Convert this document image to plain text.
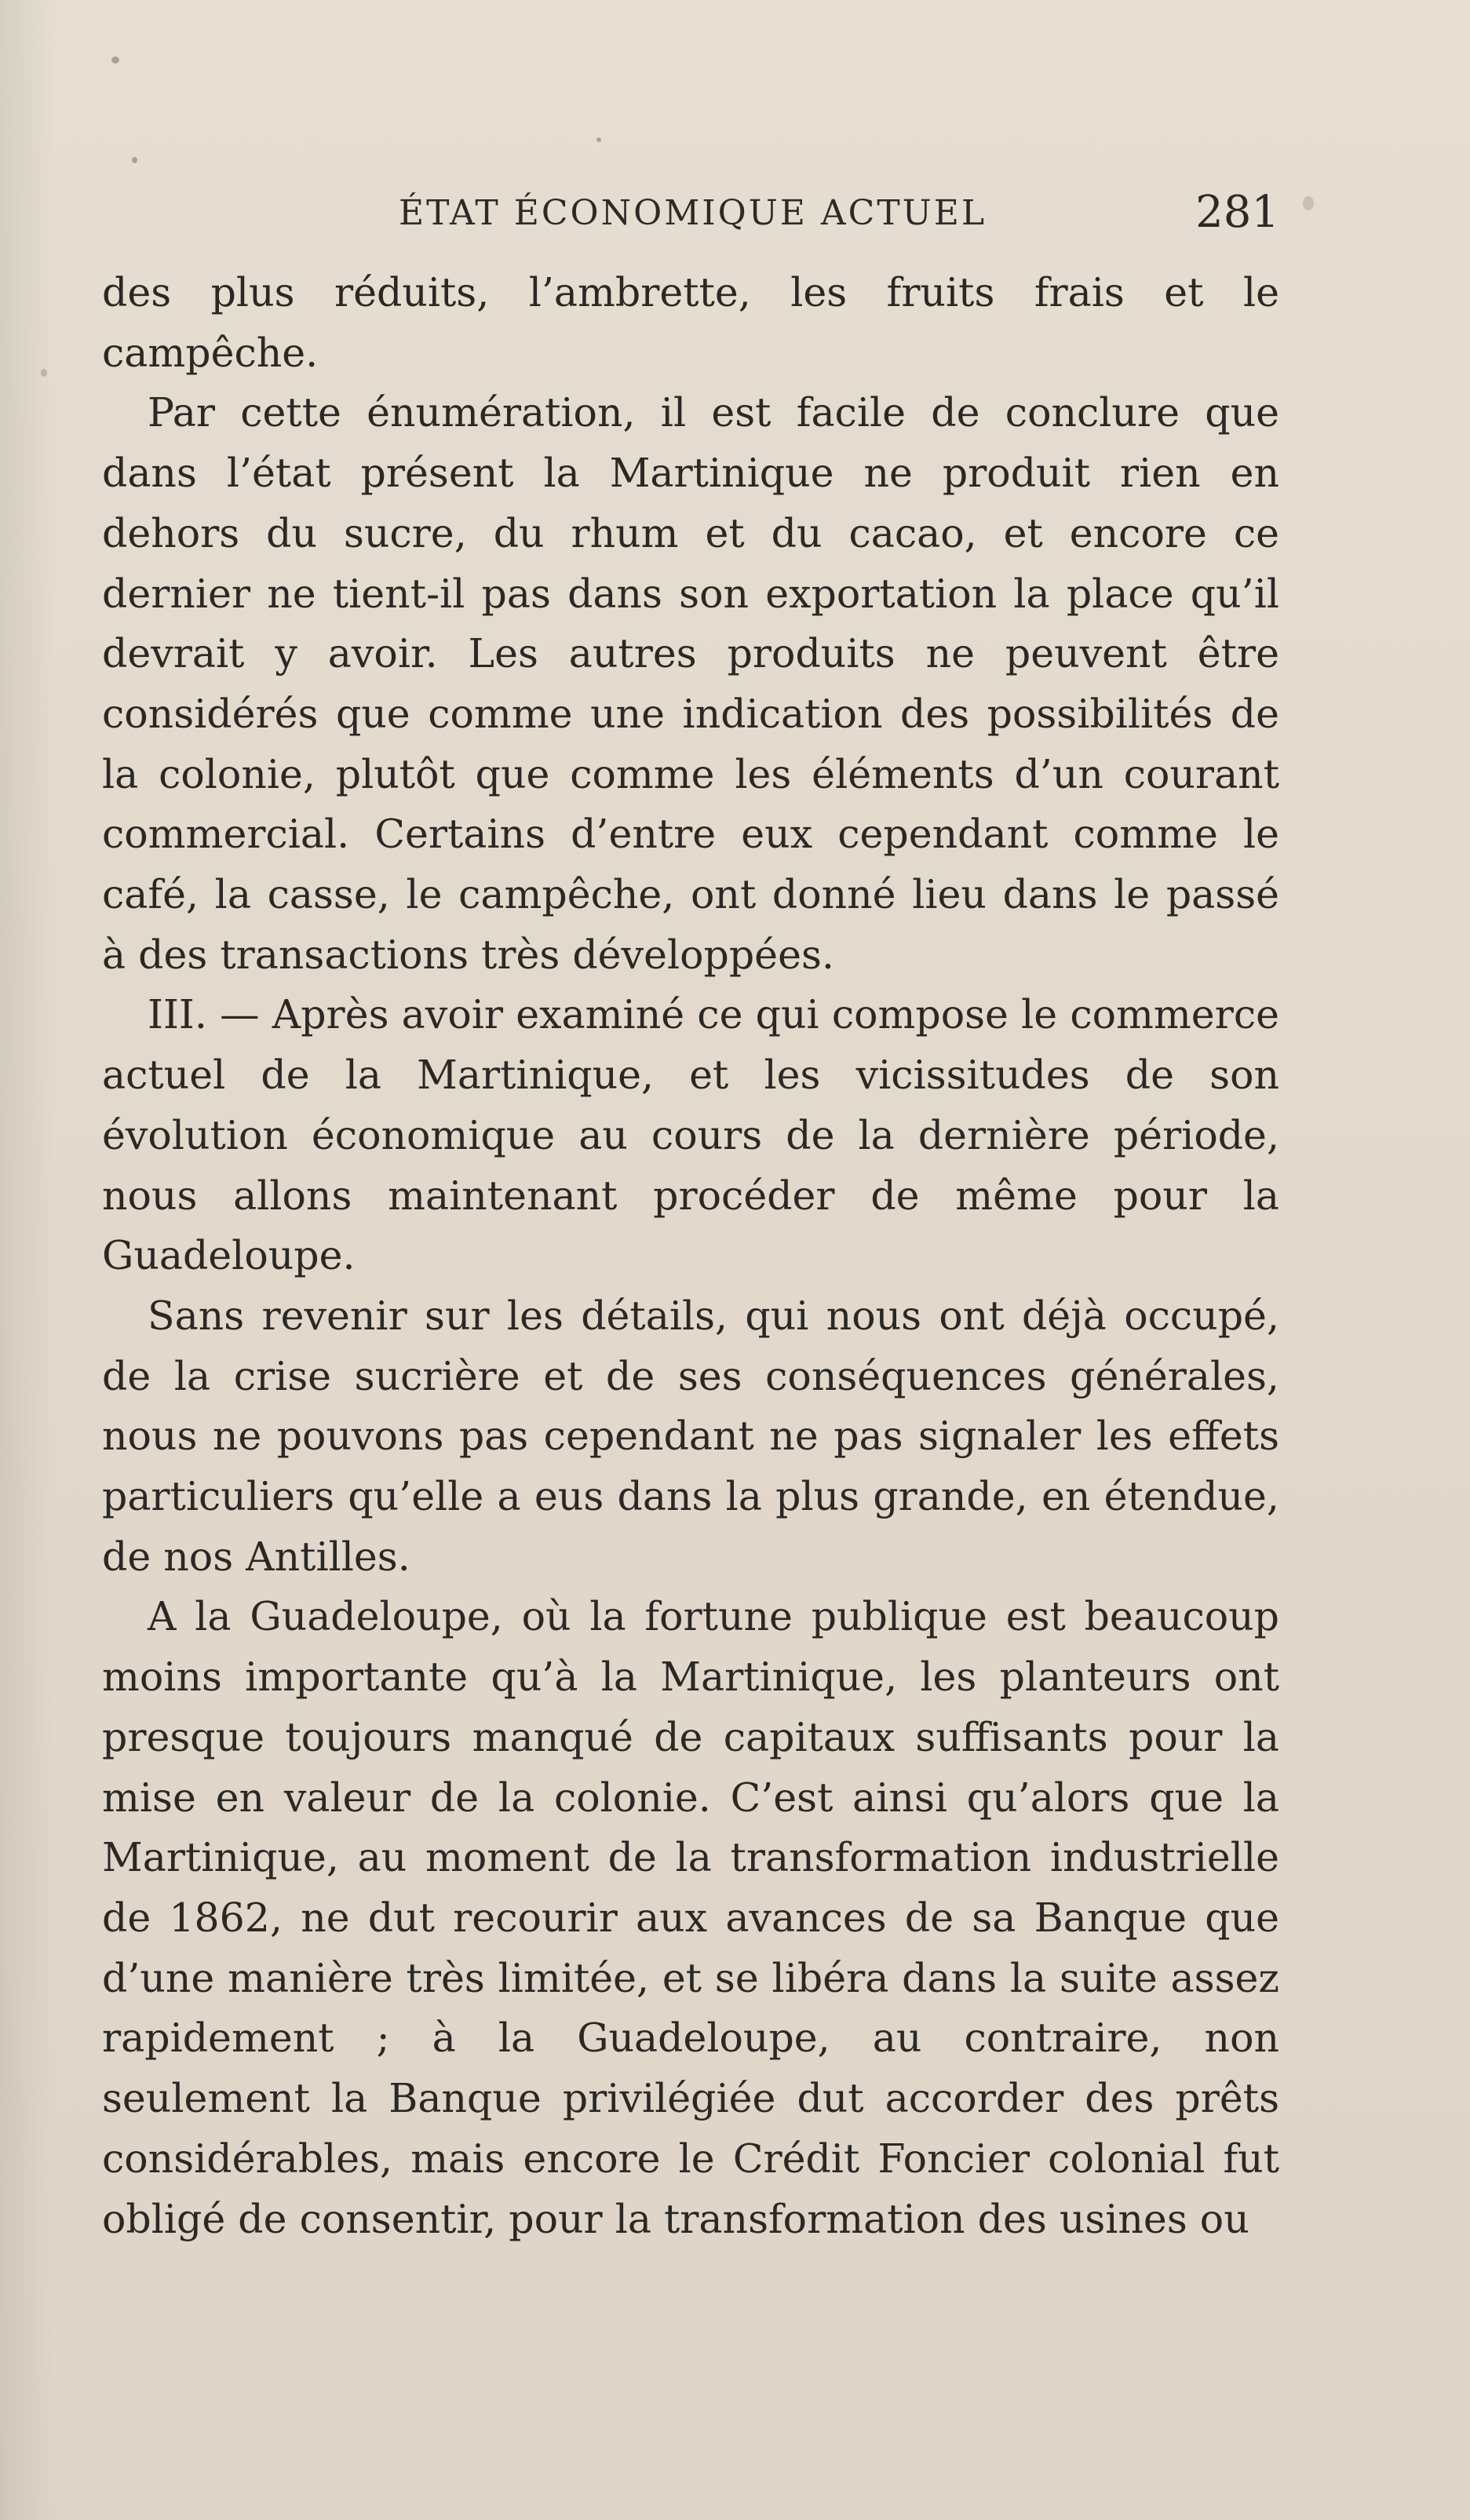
ÉTAT ÉCONOMIQUE ACTUEL	281

des plus réduits, l’ambrette, les fruits frais et le campêche.

Par cette énumération, il est facile de conclure que dans l’état présent la Martinique ne produit rien en dehors du sucre, du rhum et du cacao, et encore ce dernier ne tient-il pas dans son exportation la place qu’il devrait y avoir. Les autres produits ne peuvent être considérés que comme une indication des possibilités de la colonie, plutôt que comme les éléments d’un courant commercial. Certains d’entre eux cependant comme le café, la casse, le campêche, ont donné lieu dans le passé à des transactions très développées.

III. — Après avoir examiné ce qui compose le commerce actuel de la Martinique, et les vicissitudes de son évolution économique au cours de la dernière période, nous allons maintenant procéder de même pour la Guadeloupe.

Sans revenir sur les détails, qui nous ont déjà occupé, de la crise sucrière et de ses conséquences générales, nous ne pouvons pas cependant ne pas signaler les effets particuliers qu’elle a eus dans la plus grande, en étendue, de nos Antilles.

A la Guadeloupe, où la fortune publique est beaucoup moins importante qu’à la Martinique, les planteurs ont presque toujours manqué de capitaux suffisants pour la mise en valeur de la colonie. C’est ainsi qu’alors que la Martinique, au moment de la transformation industrielle de 1862, ne dut recourir aux avances de sa Banque que d’une manière très limitée, et se libéra dans la suite assez rapidement ; à la Guadeloupe, au contraire, non seulement la Banque privilégiée dut accorder des prêts considérables, mais encore le Crédit Foncier colonial fut obligé de consentir, pour la transformation des usines ou
